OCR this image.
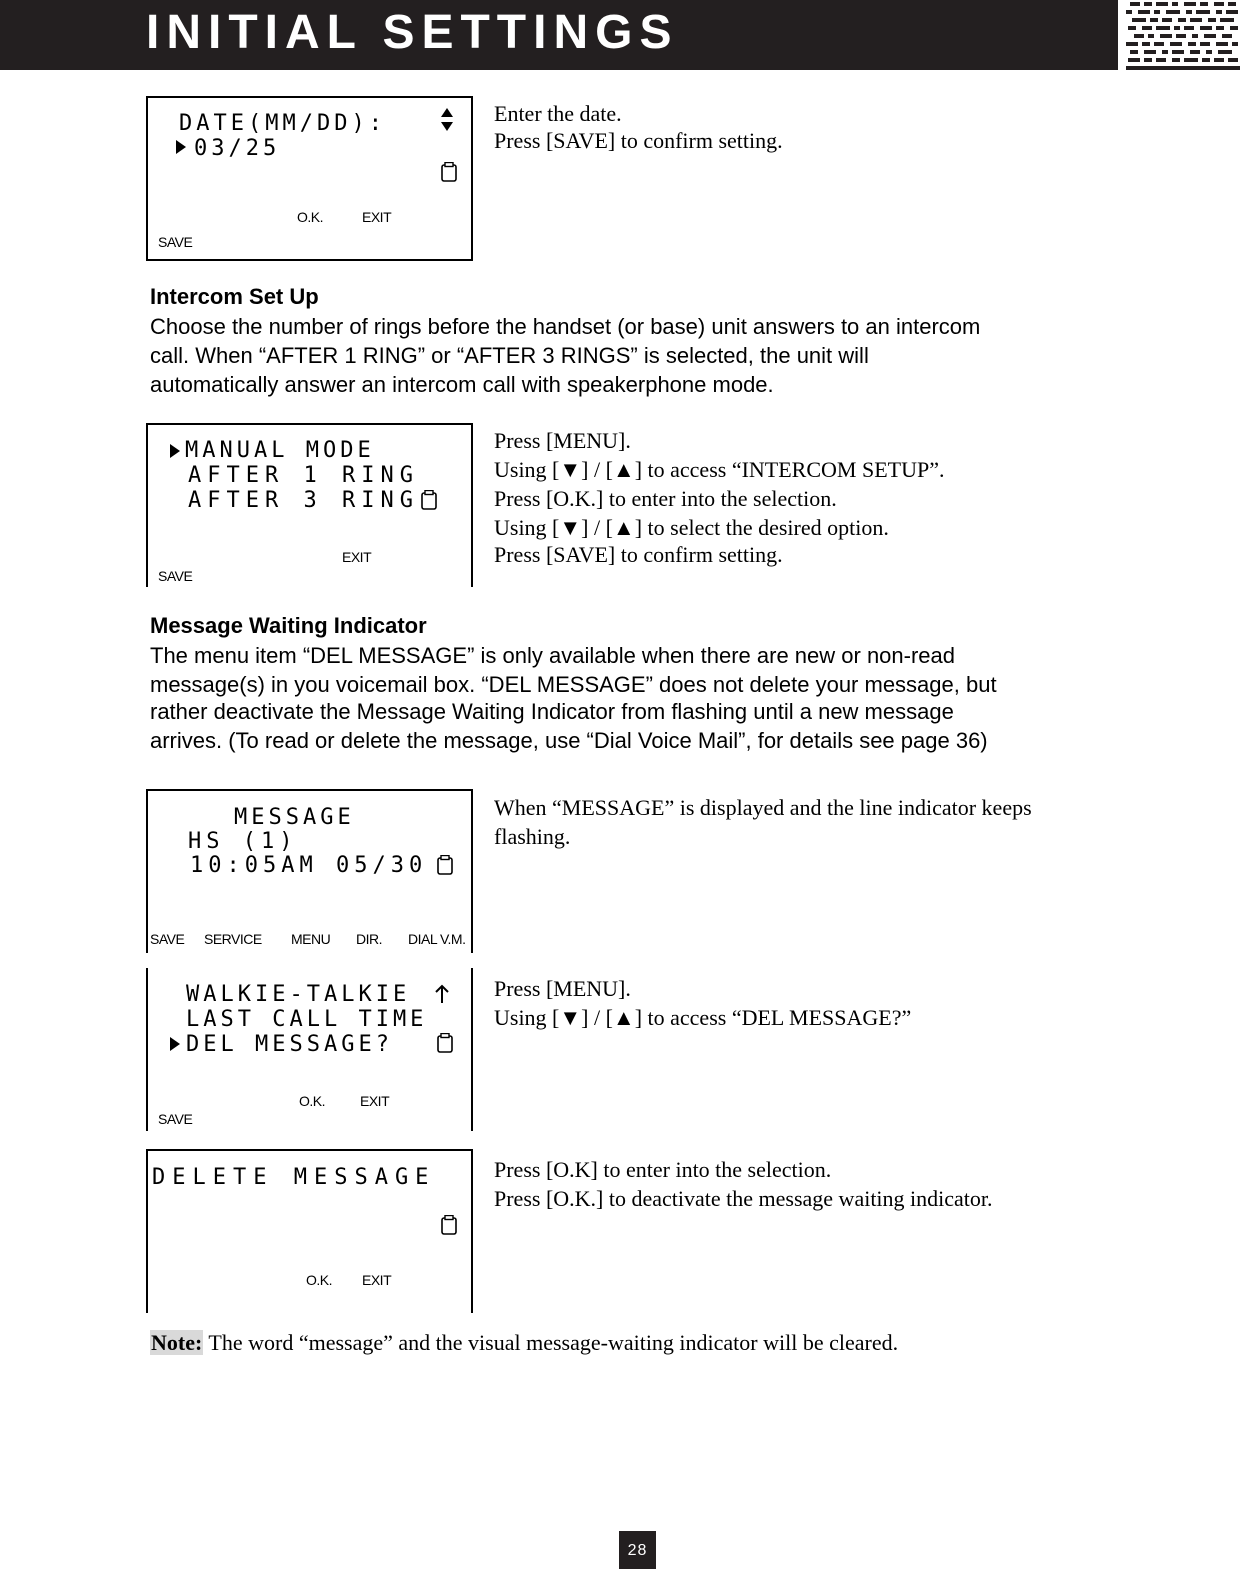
INITIAL SETTINGS
DATE(MM/DD):
03/25
O.K.	EXIT
SAVE
Enter the date.
Press [SAVE] to confirm setting.
Intercom Set Up
Choose the number of rings before the handset (or base) unit answers to an intercom
call. When “AFTER 1 RING” or “AFTER 3 RINGS” is selected, the unit will
automatically answer an intercom call with speakerphone mode.
MANUAL MODE
AFTER 1 RING
AFTER 3 RING
EXIT
SAVE
Press [MENU].
Using [▼] / [▲] to access “INTERCOM SETUP”.
Press [O.K.] to enter into the selection.
Using [▼] / [▲] to select the desired option.
Press [SAVE] to confirm setting.
Message Waiting Indicator
The menu item “DEL MESSAGE” is only available when there are new or non-read
message(s) in you voicemail box. “DEL MESSAGE” does not delete your message, but
rather deactivate the Message Waiting Indicator from flashing until a new message
arrives. (To read or delete the message, use “Dial Voice Mail”, for details see page 36)
MESSAGE
HS (1)
10:05AM 05/30
SAVE SERVICE MENU DIR. DIAL V.M.
When “MESSAGE” is displayed and the line indicator keeps
flashing.
WALKIE-TALKIE
LAST CALL TIME
DEL MESSAGE?
O.K. EXIT
SAVE
Press [MENU].
Using [▼] / [▲] to access “DEL MESSAGE?”
DELETE MESSAGE
O.K. EXIT
Press [O.K] to enter into the selection.
Press [O.K.] to deactivate the message waiting indicator.
Note: The word “message” and the visual message-waiting indicator will be cleared.
28
